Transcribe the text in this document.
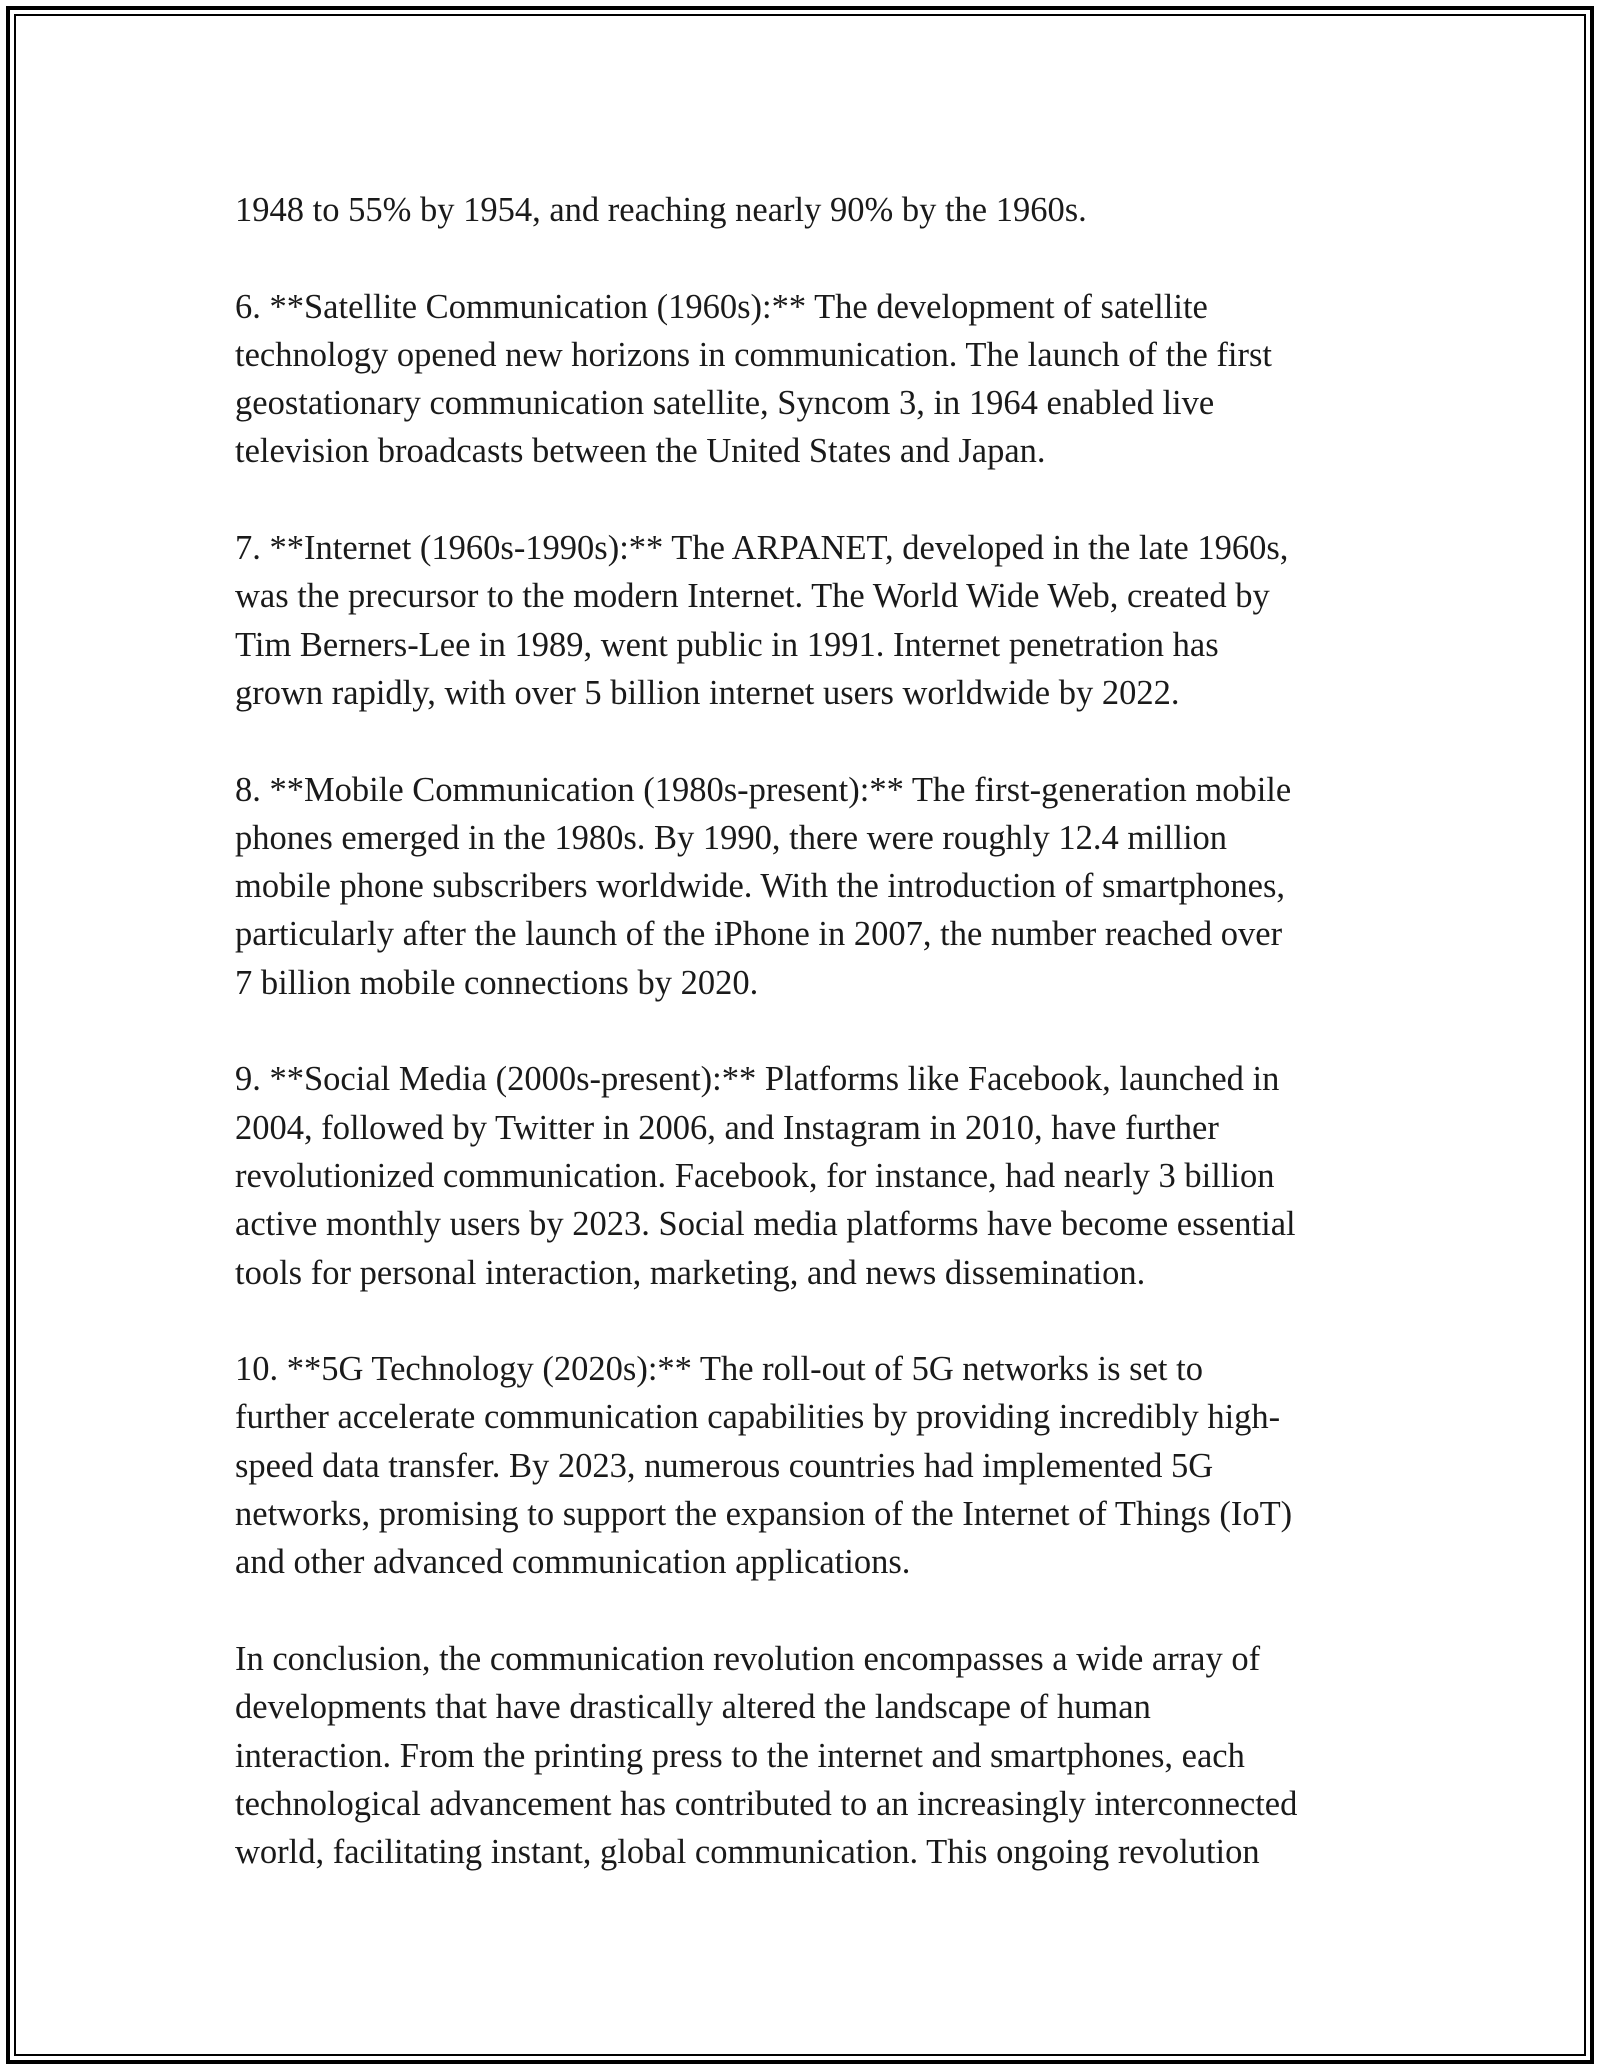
1948 to 55% by 1954, and reaching nearly 90% by the 1960s.

6. **Satellite Communication (1960s):** The development of satellite
technology opened new horizons in communication. The launch of the first
geostationary communication satellite, Syncom 3, in 1964 enabled live
television broadcasts between the United States and Japan.

7. **Internet (1960s-1990s):** The ARPANET, developed in the late 1960s,
was the precursor to the modern Internet. The World Wide Web, created by
Tim Berners-Lee in 1989, went public in 1991. Internet penetration has
grown rapidly, with over 5 billion internet users worldwide by 2022.

8. **Mobile Communication (1980s-present):** The first-generation mobile
phones emerged in the 1980s. By 1990, there were roughly 12.4 million
mobile phone subscribers worldwide. With the introduction of smartphones,
particularly after the launch of the iPhone in 2007, the number reached over
7 billion mobile connections by 2020.

9. **Social Media (2000s-present):** Platforms like Facebook, launched in
2004, followed by Twitter in 2006, and Instagram in 2010, have further
revolutionized communication. Facebook, for instance, had nearly 3 billion
active monthly users by 2023. Social media platforms have become essential
tools for personal interaction, marketing, and news dissemination.

10. **5G Technology (2020s):** The roll-out of 5G networks is set to
further accelerate communication capabilities by providing incredibly high-
speed data transfer. By 2023, numerous countries had implemented 5G
networks, promising to support the expansion of the Internet of Things (IoT)
and other advanced communication applications.

In conclusion, the communication revolution encompasses a wide array of
developments that have drastically altered the landscape of human
interaction. From the printing press to the internet and smartphones, each
technological advancement has contributed to an increasingly interconnected
world, facilitating instant, global communication. This ongoing revolution
